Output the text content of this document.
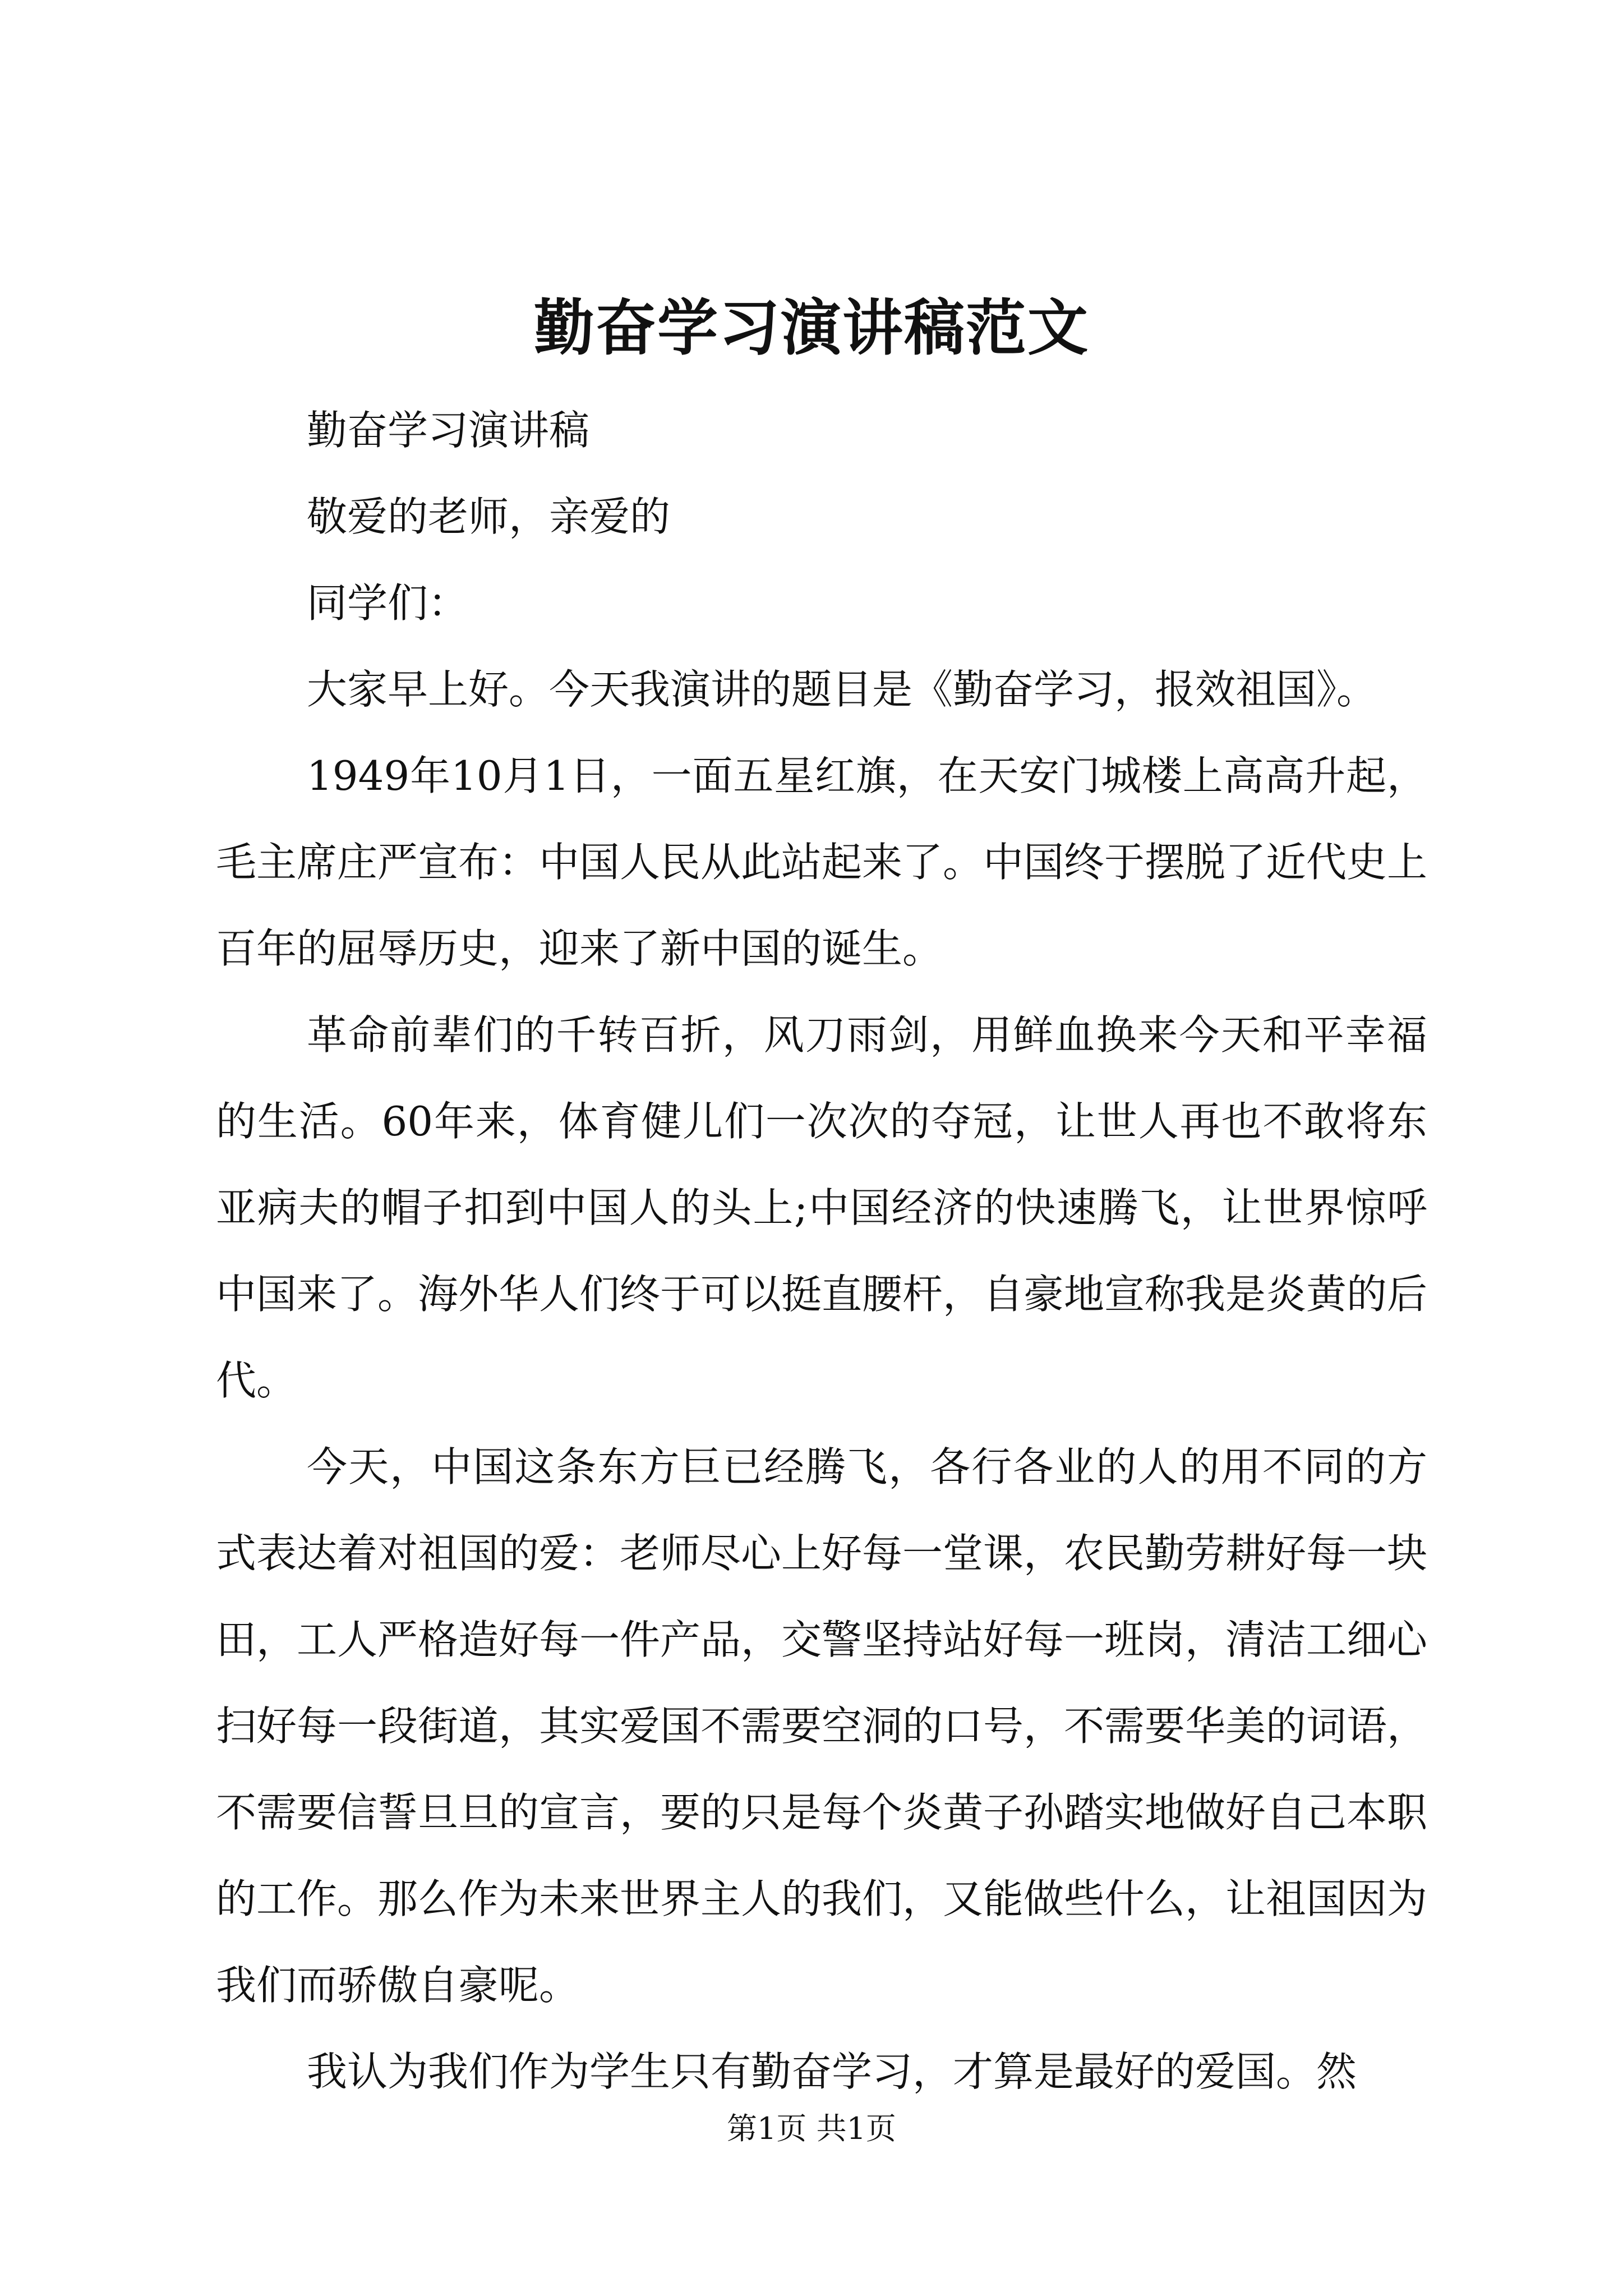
勤奋学习演讲稿范文

勤奋学习演讲稿

敬爱的老师，亲爱的

同学们：

大家早上好。今天我演讲的题目是《勤奋学习，报效祖国》。

1949年10月1日，一面五星红旗，在天安门城楼上高高升起，毛主席庄严宣布：中国人民从此站起来了。中国终于摆脱了近代史上百年的屈辱历史，迎来了新中国的诞生。

革命前辈们的千转百折，风刀雨剑，用鲜血换来今天和平幸福的生活。60年来，体育健儿们一次次的夺冠，让世人再也不敢将东亚病夫的帽子扣到中国人的头上;中国经济的快速腾飞，让世界惊呼中国来了。海外华人们终于可以挺直腰杆，自豪地宣称我是炎黄的后代。

今天，中国这条东方巨已经腾飞，各行各业的人的用不同的方式表达着对祖国的爱：老师尽心上好每一堂课，农民勤劳耕好每一块田，工人严格造好每一件产品，交警坚持站好每一班岗，清洁工细心扫好每一段街道，其实爱国不需要空洞的口号，不需要华美的词语，不需要信誓旦旦的宣言，要的只是每个炎黄子孙踏实地做好自己本职的工作。那么作为未来世界主人的我们，又能做些什么，让祖国因为我们而骄傲自豪呢。

我认为我们作为学生只有勤奋学习，才算是最好的爱国。然

第1页 共1页
